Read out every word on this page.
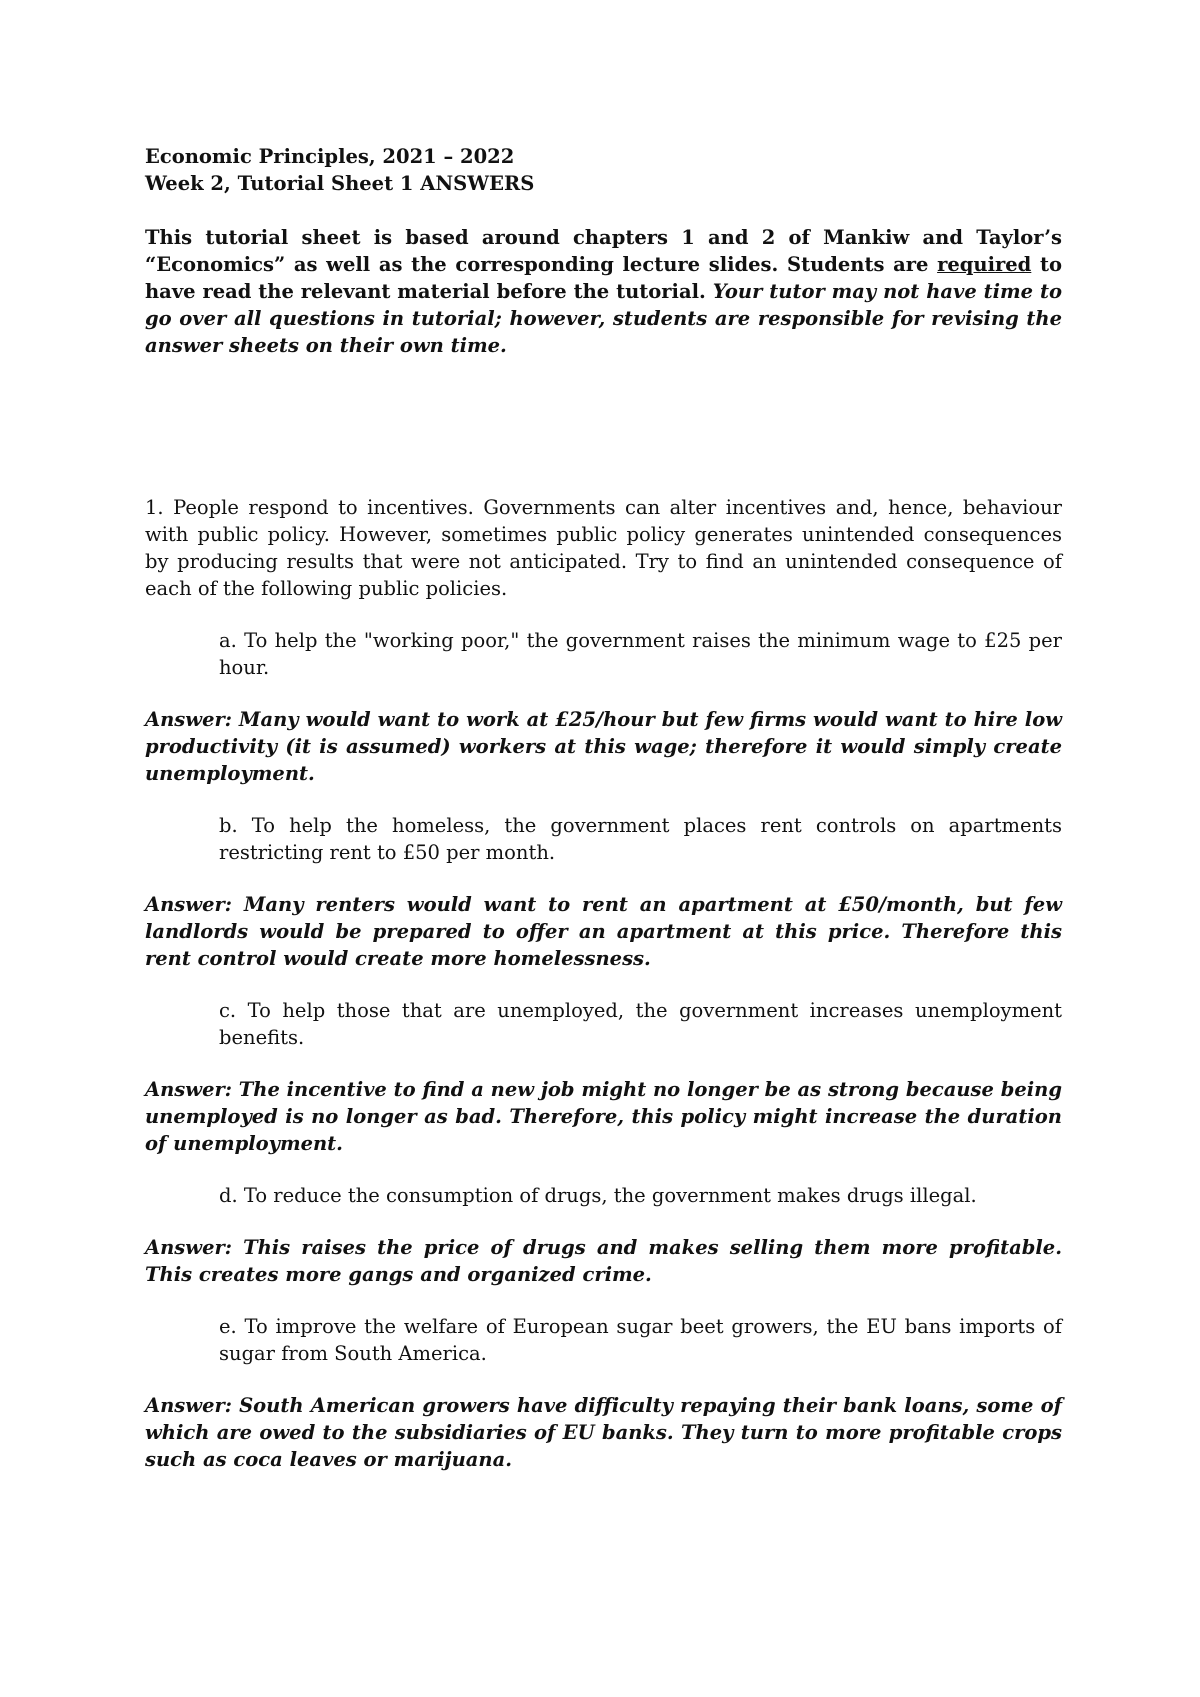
Economic Principles, 2021 – 2022
Week 2, Tutorial Sheet 1 ANSWERS
This tutorial sheet is based around chapters 1 and 2 of Mankiw and Taylor’s “Economics” as well as the corresponding lecture slides. Students are required to have read the relevant material before the tutorial. Your tutor may not have time to go over all questions in tutorial; however, students are responsible for revising the answer sheets on their own time.
1. People respond to incentives. Governments can alter incentives and, hence, behaviour with public policy. However, sometimes public policy generates unintended consequences by producing results that were not anticipated. Try to find an unintended consequence of each of the following public policies.
a. To help the "working poor," the government raises the minimum wage to £25 per hour.
Answer: Many would want to work at £25/hour but few firms would want to hire low productivity (it is assumed) workers at this wage; therefore it would simply create unemployment.
b. To help the homeless, the government places rent controls on apartments restricting rent to £50 per month.
Answer: Many renters would want to rent an apartment at £50/month, but few landlords would be prepared to offer an apartment at this price. Therefore this rent control would create more homelessness.
c. To help those that are unemployed, the government increases unemployment benefits.
Answer: The incentive to find a new job might no longer be as strong because being unemployed is no longer as bad. Therefore, this policy might increase the duration of unemployment.
d. To reduce the consumption of drugs, the government makes drugs illegal.
Answer: This raises the price of drugs and makes selling them more profitable. This creates more gangs and organized crime.
e. To improve the welfare of European sugar beet growers, the EU bans imports of sugar from South America.
Answer: South American growers have difficulty repaying their bank loans, some of which are owed to the subsidiaries of EU banks. They turn to more profitable crops such as coca leaves or marijuana.
